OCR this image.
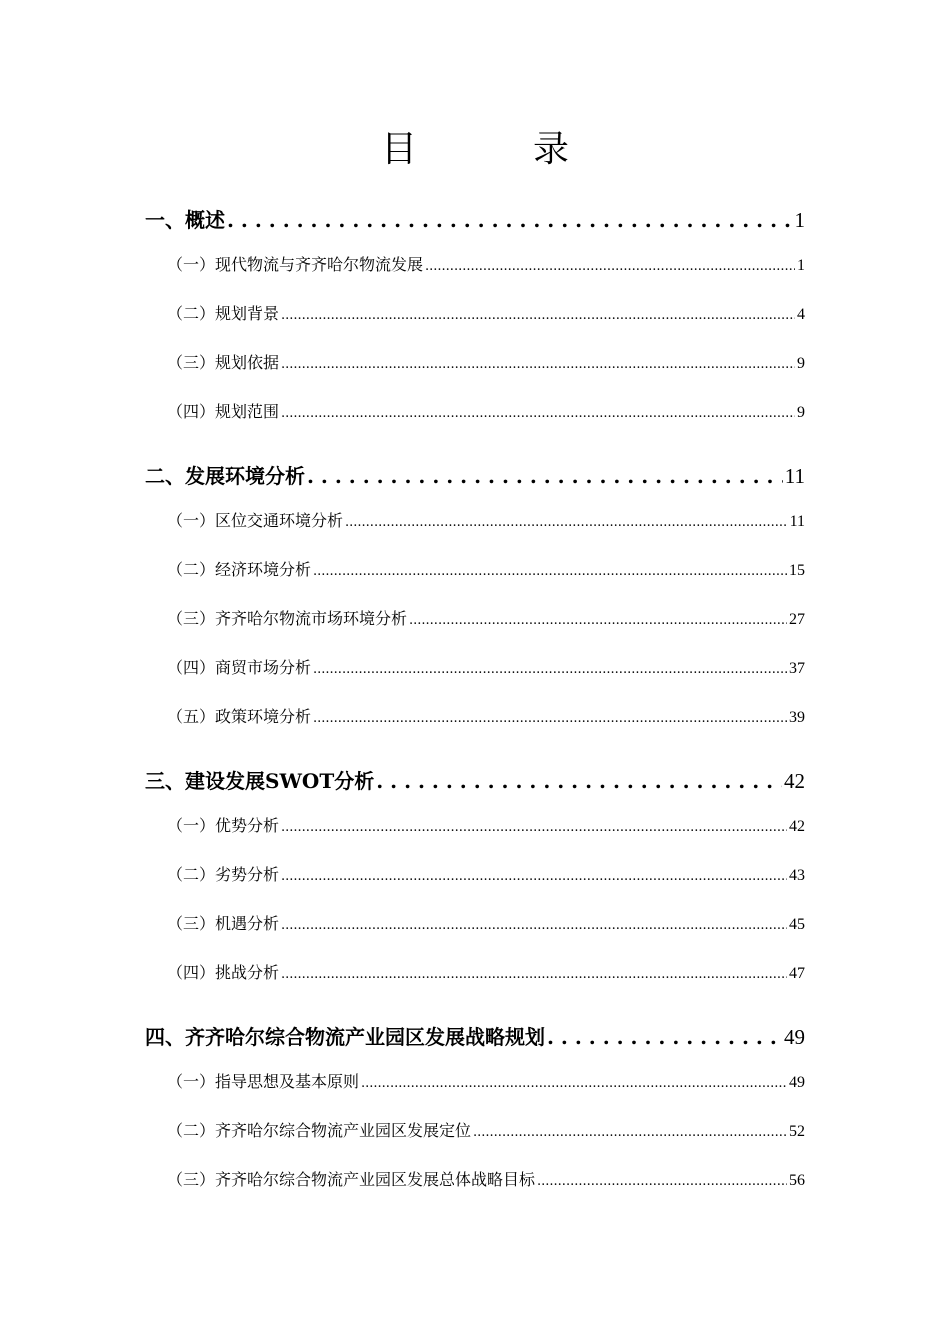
目　录
一、概述 . . .	1
（一）现代物流与齐齐哈尔物流发展 .....	1
（二）规划背景 .....	4
（三）规划依据 .....	9
（四）规划范围 .....	9
二、发展环境分析 . . .	11
（一）区位交通环境分析 .....	11
（二）经济环境分析 .....	15
（三）齐齐哈尔物流市场环境分析 .....	27
（四）商贸市场分析 .....	37
（五）政策环境分析 .....	39
三、建设发展SWOT分析 . . .	42
（一）优势分析 .....	42
（二）劣势分析 .....	43
（三）机遇分析 .....	45
（四）挑战分析 .....	47
四、齐齐哈尔综合物流产业园区发展战略规划 . . .	49
（一）指导思想及基本原则 .....	49
（二）齐齐哈尔综合物流产业园区发展定位 .....	52
（三）齐齐哈尔综合物流产业园区发展总体战略目标 .....	56
